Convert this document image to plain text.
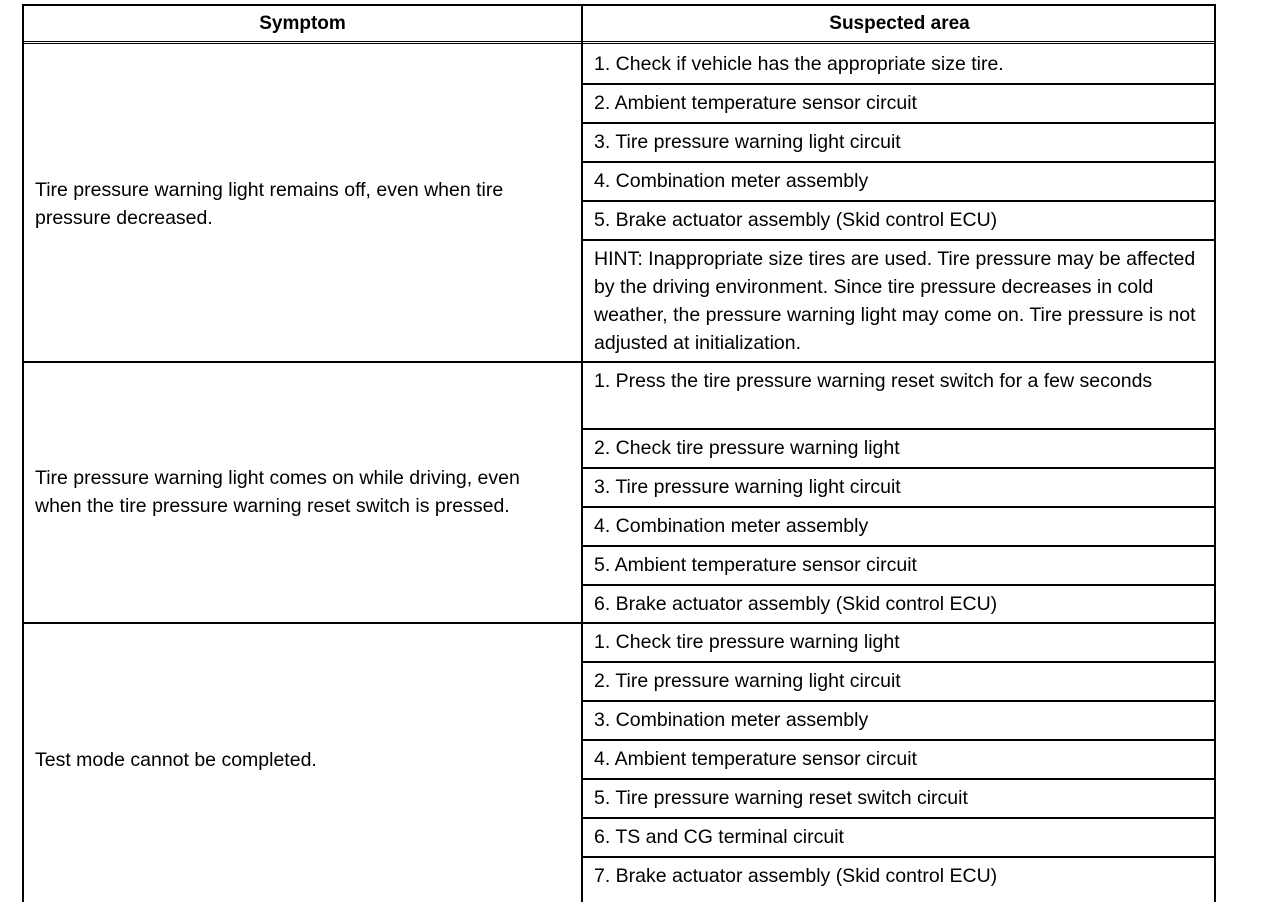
Symptom	Suspected area
Tire pressure warning light remains off, even when tire pressure decreased.
1. Check if vehicle has the appropriate size tire.
2. Ambient temperature sensor circuit
3. Tire pressure warning light circuit
4. Combination meter assembly
5. Brake actuator assembly (Skid control ECU)
HINT: Inappropriate size tires are used. Tire pressure may be affected by the driving environment. Since tire pressure decreases in cold weather, the pressure warning light may come on. Tire pressure is not adjusted at initialization.
Tire pressure warning light comes on while driving, even when the tire pressure warning reset switch is pressed.
1. Press the tire pressure warning reset switch for a few seconds
2. Check tire pressure warning light
3. Tire pressure warning light circuit
4. Combination meter assembly
5. Ambient temperature sensor circuit
6. Brake actuator assembly (Skid control ECU)
Test mode cannot be completed.
1. Check tire pressure warning light
2. Tire pressure warning light circuit
3. Combination meter assembly
4. Ambient temperature sensor circuit
5. Tire pressure warning reset switch circuit
6. TS and CG terminal circuit
7. Brake actuator assembly (Skid control ECU)
